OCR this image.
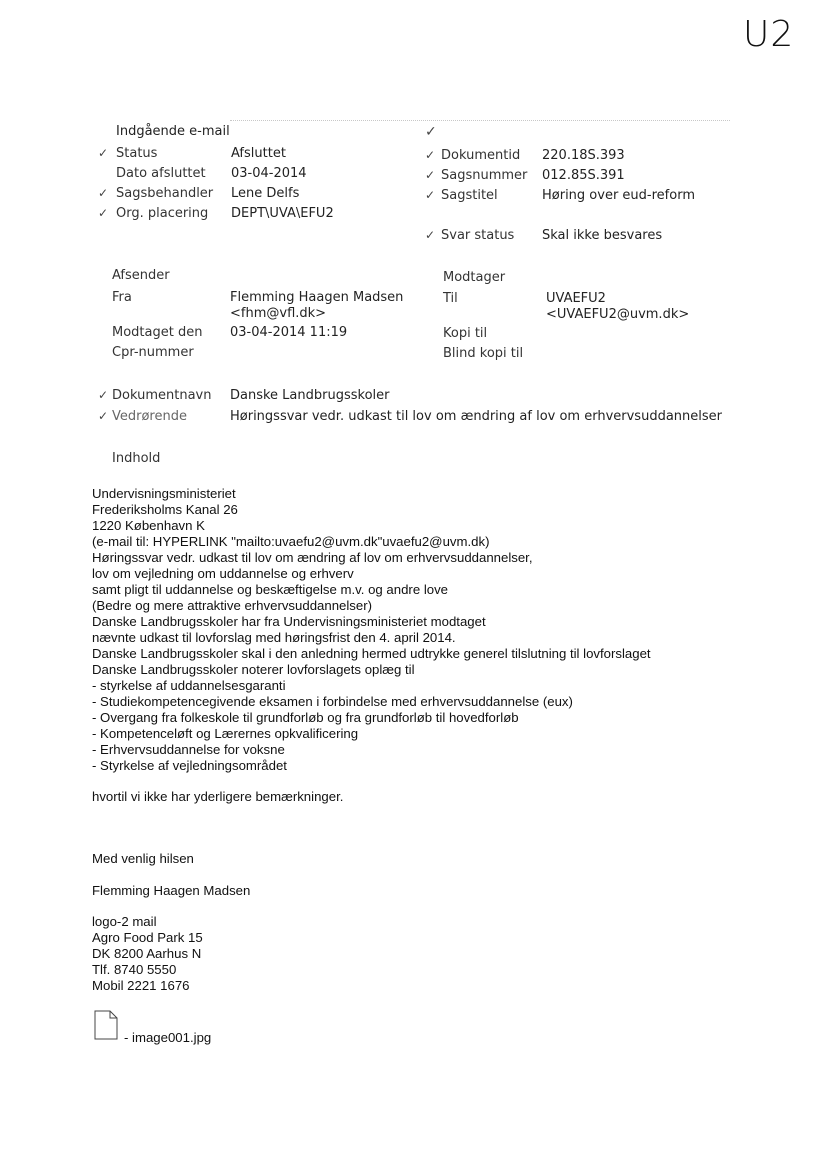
U2
Indgående e-mail	✓
✓ Status	Afsluttet
Dato afsluttet 03-04-2014
✓ Sagsbehandler Lene Delfs
✓ Org. placering DEPT\UVA\EFU2
✓ Dokumentid 220.18S.393
✓ Sagsnummer 012.85S.391
✓ Sagstitel	Høring over eud-reform
✓ Svar status Skal ikke besvares
Afsender
Fra	Flemming Haagen Madsen
<fhm@vfl.dk>
Modtaget den 03-04-2014 11:19
Cpr-nummer
Modtager
Til	UVAEFU2
<UVAEFU2@uvm.dk>
Kopi til
Blind kopi til
✓ Dokumentnavn Danske Landbrugsskoler
✓ Vedrørende	Høringssvar vedr. udkast til lov om ændring af lov om erhvervsuddannelser
Indhold
Undervisningsministeriet
Frederiksholms Kanal 26
1220 København K
(e-mail til: HYPERLINK "mailto:uvaefu2@uvm.dk"uvaefu2@uvm.dk)
Høringssvar vedr. udkast til lov om ændring af lov om erhvervsuddannelser,
lov om vejledning om uddannelse og erhverv
samt pligt til uddannelse og beskæftigelse m.v. og andre love
(Bedre og mere attraktive erhvervsuddannelser)
Danske Landbrugsskoler har fra Undervisningsministeriet modtaget
nævnte udkast til lovforslag med høringsfrist den 4. april 2014.
Danske Landbrugsskoler skal i den anledning hermed udtrykke generel tilslutning til lovforslaget
Danske Landbrugsskoler noterer lovforslagets oplæg til
- styrkelse af uddannelsesgaranti
- Studiekompetencegivende eksamen i forbindelse med erhvervsuddannelse (eux)
- Overgang fra folkeskole til grundforløb og fra grundforløb til hovedforløb
- Kompetenceløft og Lærernes opkvalificering
- Erhvervsuddannelse for voksne
- Styrkelse af vejledningsområdet
hvortil vi ikke har yderligere bemærkninger.
Med venlig hilsen
Flemming Haagen Madsen
logo-2 mail
Agro Food Park 15
DK 8200 Aarhus N
Tlf. 8740 5550
Mobil 2221 1676
- image001.jpg
